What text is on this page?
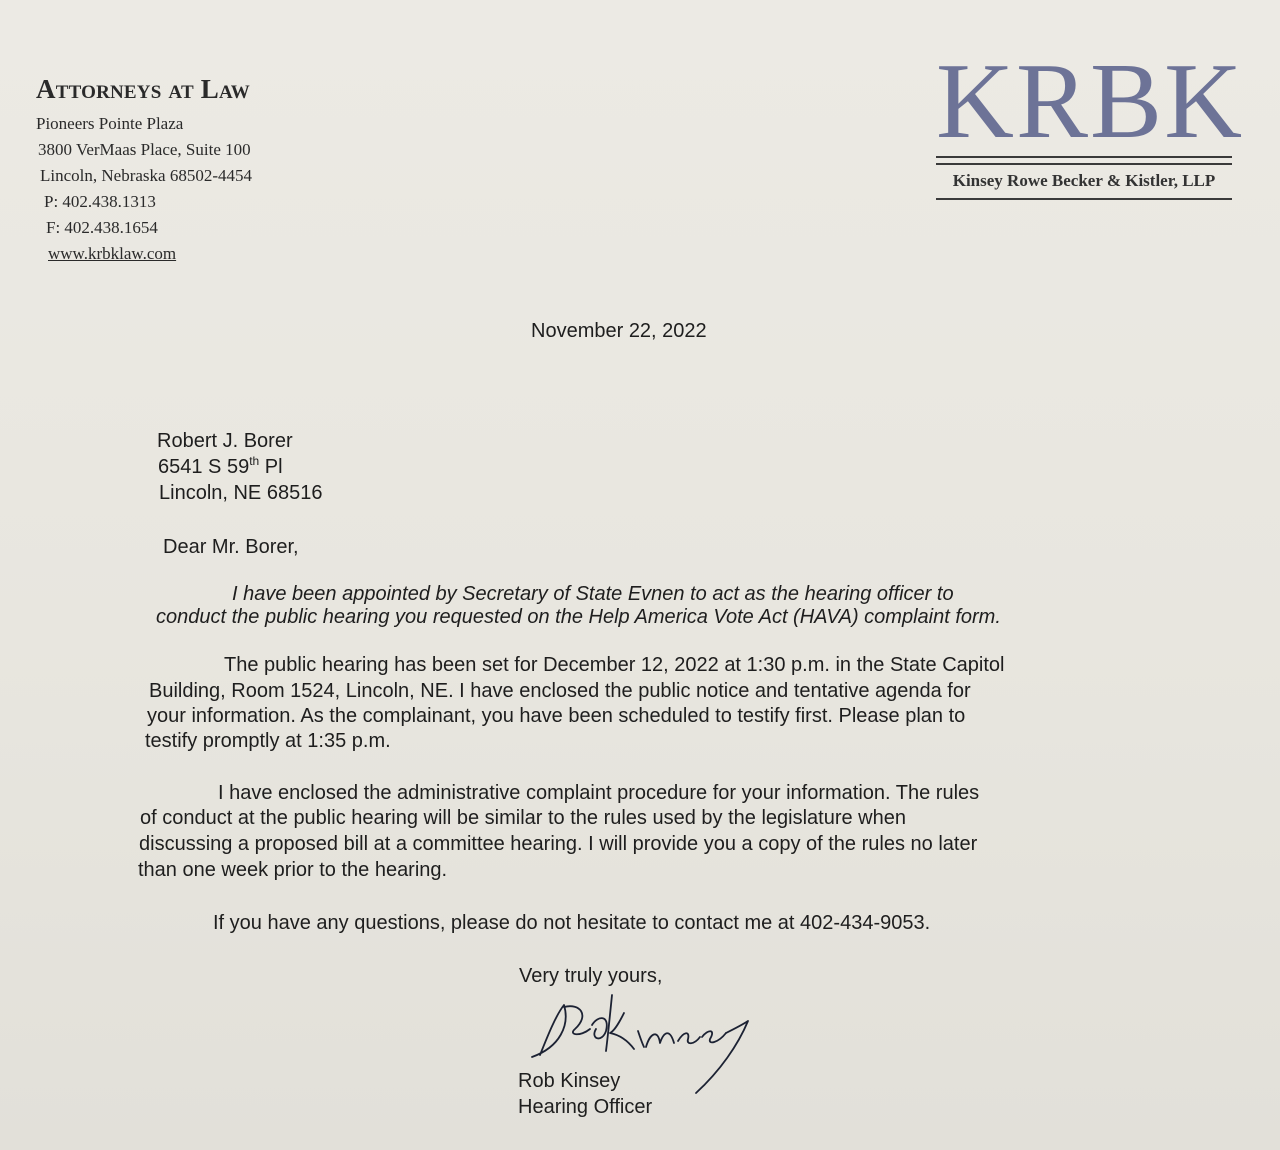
Attorneys at Law
Pioneers Pointe Plaza
3800 VerMaas Place, Suite 100
Lincoln, Nebraska 68502-4454
P: 402.438.1313
F: 402.438.1654
www.krbklaw.com
KRBK
Kinsey Rowe Becker & Kistler, LLP
November 22, 2022
Robert J. Borer
6541 S 59th Pl
Lincoln, NE 68516
Dear Mr. Borer,
I have been appointed by Secretary of State Evnen to act as the hearing officer to
conduct the public hearing you requested on the Help America Vote Act (HAVA) complaint form.
The public hearing has been set for December 12, 2022 at 1:30 p.m. in the State Capitol
Building, Room 1524, Lincoln, NE. I have enclosed the public notice and tentative agenda for
your information. As the complainant, you have been scheduled to testify first. Please plan to
testify promptly at 1:35 p.m.
I have enclosed the administrative complaint procedure for your information. The rules
of conduct at the public hearing will be similar to the rules used by the legislature when
discussing a proposed bill at a committee hearing. I will provide you a copy of the rules no later
than one week prior to the hearing.
If you have any questions, please do not hesitate to contact me at 402-434-9053.
Very truly yours,
Rob Kinsey
Hearing Officer
